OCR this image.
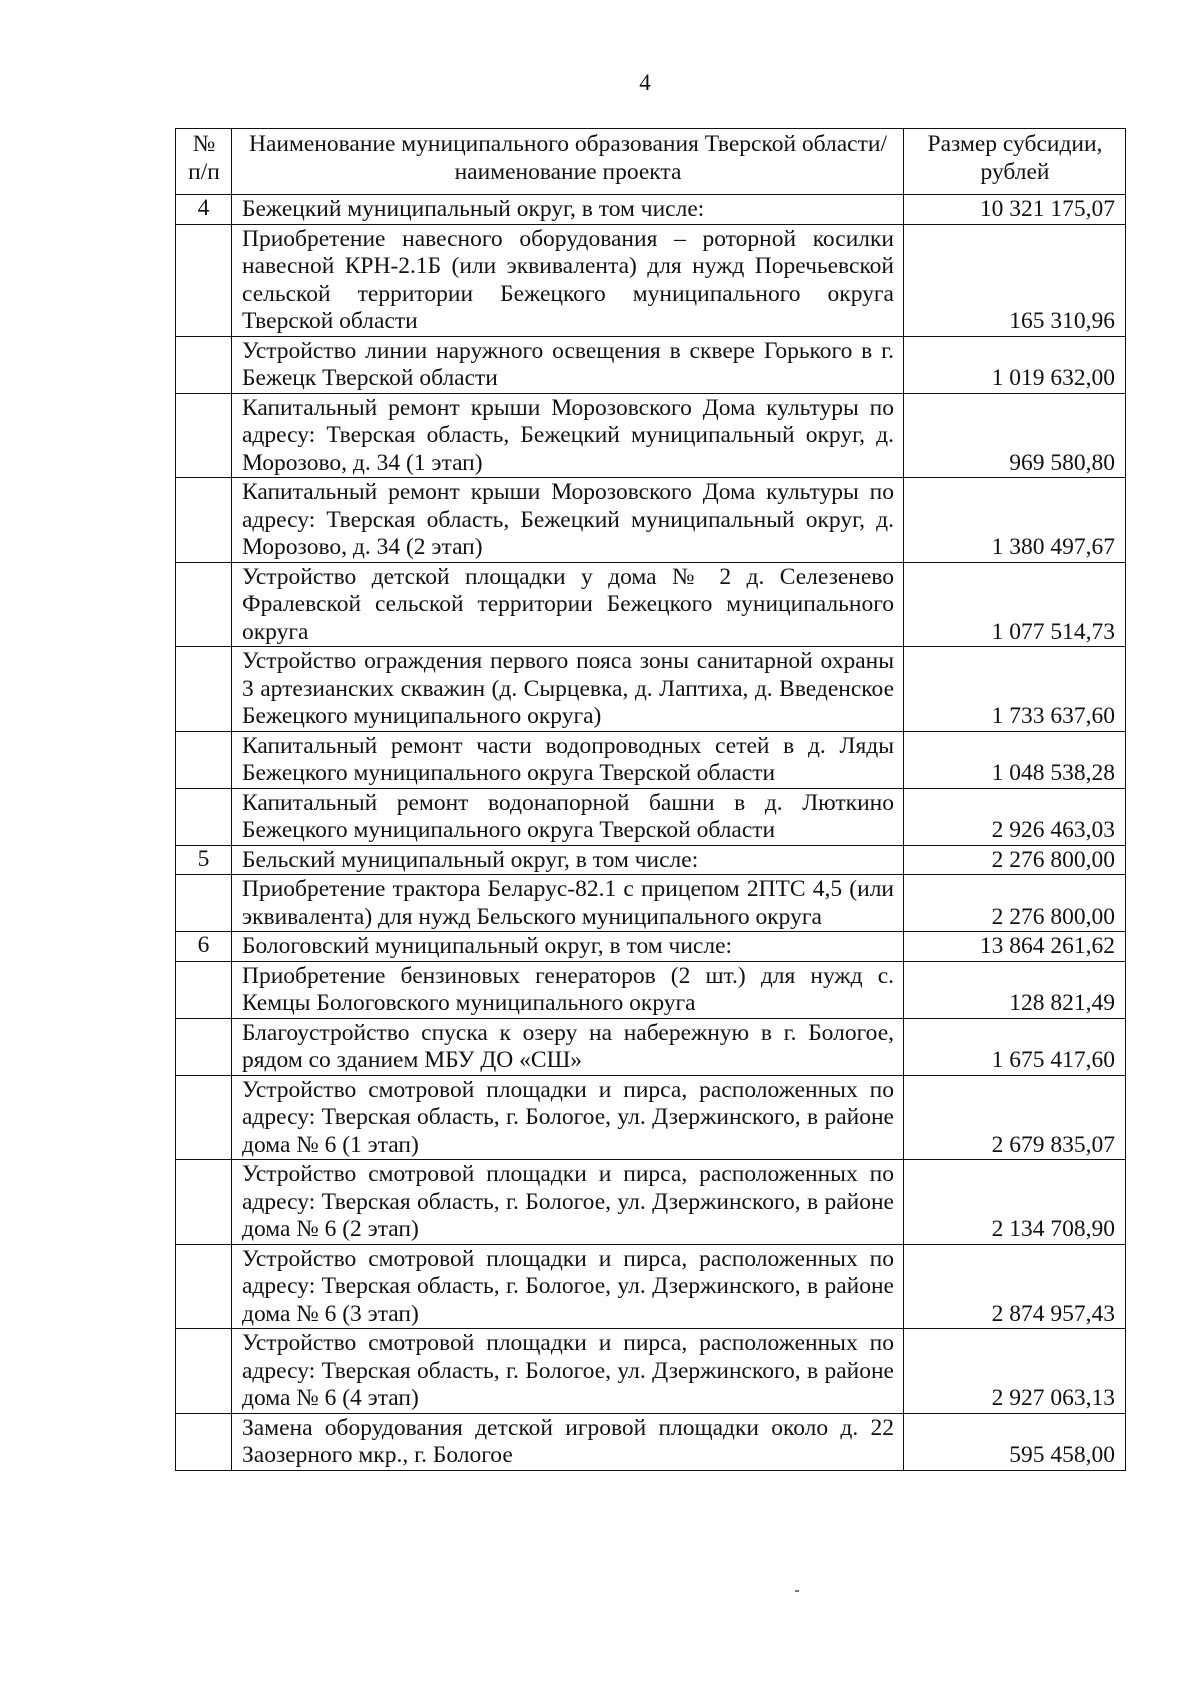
4
№ п/п	Наименование муниципального образования Тверской области/наименование проекта	Размер субсидии, рублей
4	Бежецкий муниципальный округ, в том числе:	10 321 175,07
	Приобретение навесного оборудования – роторной косилки навесной КРН-2.1Б (или эквивалента) для нужд Поречьевской сельской территории Бежецкого муниципального округа Тверской области	165 310,96
	Устройство линии наружного освещения в сквере Горького в г. Бежецк Тверской области	1 019 632,00
	Капитальный ремонт крыши Морозовского Дома культуры по адресу: Тверская область, Бежецкий муниципальный округ, д. Морозово, д. 34 (1 этап)	969 580,80
	Капитальный ремонт крыши Морозовского Дома культуры по адресу: Тверская область, Бежецкий муниципальный округ, д. Морозово, д. 34 (2 этап)	1 380 497,67
	Устройство детской площадки у дома № 2 д. Селезенево Фралевской сельской территории Бежецкого муниципального округа	1 077 514,73
	Устройство ограждения первого пояса зоны санитарной охраны 3 артезианских скважин (д. Сырцевка, д. Лаптиха, д. Введенское Бежецкого муниципального округа)	1 733 637,60
	Капитальный ремонт части водопроводных сетей в д. Ляды Бежецкого муниципального округа Тверской области	1 048 538,28
	Капитальный ремонт водонапорной башни в д. Люткино Бежецкого муниципального округа Тверской области	2 926 463,03
5	Бельский муниципальный округ, в том числе:	2 276 800,00
	Приобретение трактора Беларус-82.1 с прицепом 2ПТС 4,5 (или эквивалента) для нужд Бельского муниципального округа	2 276 800,00
6	Бологовский муниципальный округ, в том числе:	13 864 261,62
	Приобретение бензиновых генераторов (2 шт.) для нужд с. Кемцы Бологовского муниципального округа	128 821,49
	Благоустройство спуска к озеру на набережную в г. Бологое, рядом со зданием МБУ ДО «СШ»	1 675 417,60
	Устройство смотровой площадки и пирса, расположенных по адресу: Тверская область, г. Бологое, ул. Дзержинского, в районе дома № 6 (1 этап)	2 679 835,07
	Устройство смотровой площадки и пирса, расположенных по адресу: Тверская область, г. Бологое, ул. Дзержинского, в районе дома № 6 (2 этап)	2 134 708,90
	Устройство смотровой площадки и пирса, расположенных по адресу: Тверская область, г. Бологое, ул. Дзержинского, в районе дома № 6 (3 этап)	2 874 957,43
	Устройство смотровой площадки и пирса, расположенных по адресу: Тверская область, г. Бологое, ул. Дзержинского, в районе дома № 6 (4 этап)	2 927 063,13
	Замена оборудования детской игровой площадки около д. 22 Заозерного мкр., г. Бологое	595 458,00
